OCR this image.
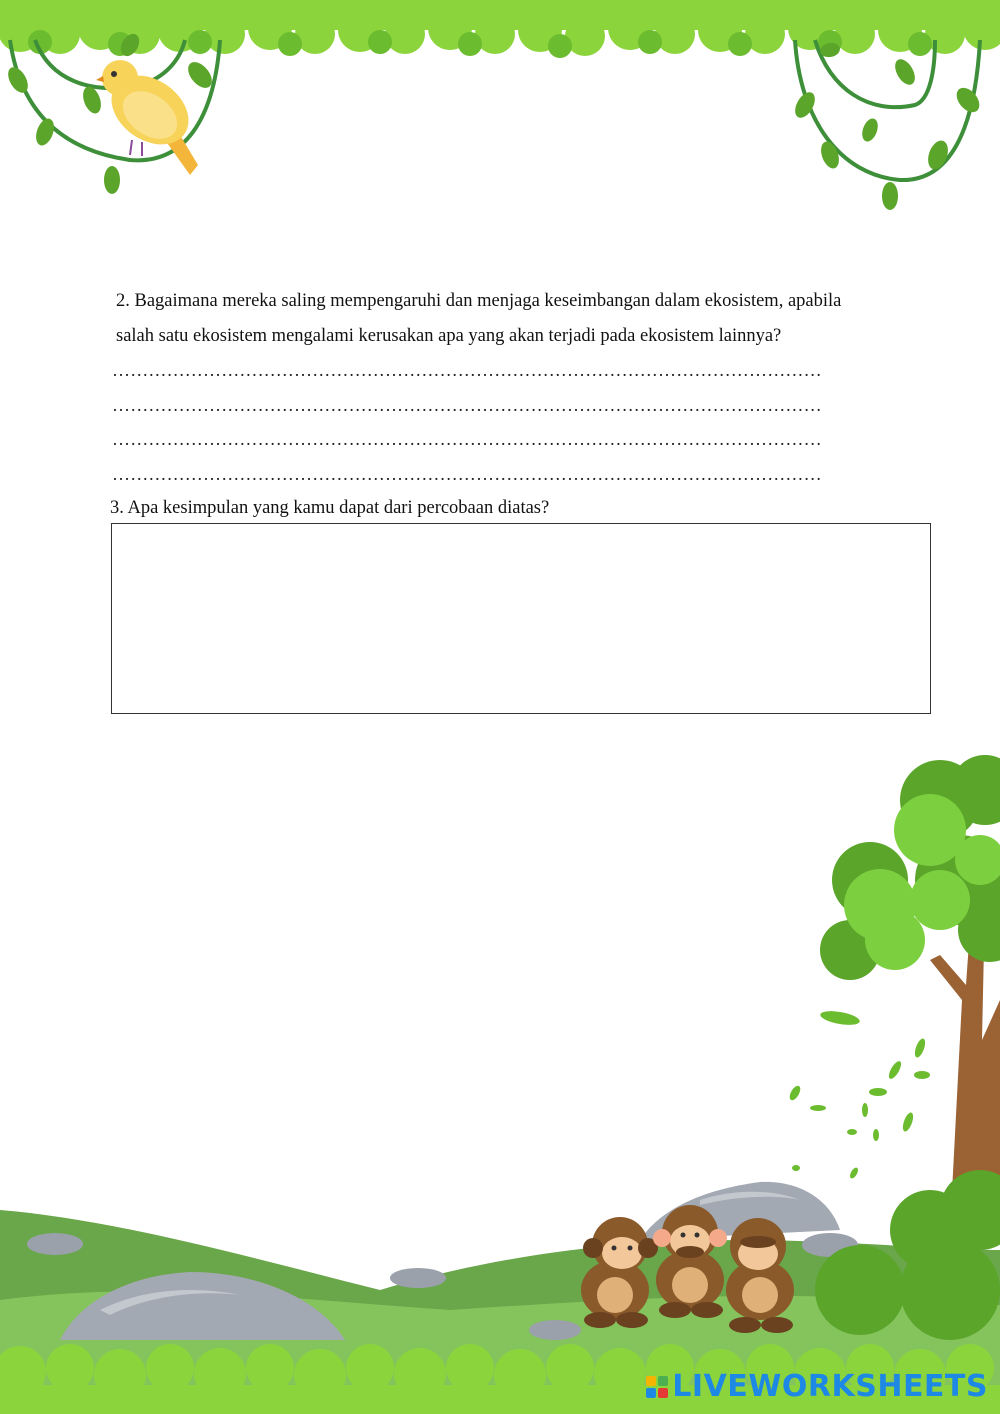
2. Bagaimana mereka saling mempengaruhi dan menjaga keseimbangan dalam ekosistem, apabila

salah satu ekosistem mengalami kerusakan apa yang akan terjadi pada ekosistem lainnya?

………………………………………………………………………………………………………
………………………………………………………………………………………………………
………………………………………………………………………………………………………
………………………………………………………………………………………………………
3. Apa kesimpulan yang kamu dapat dari percobaan diatas?
LIVEWORKSHEETS
